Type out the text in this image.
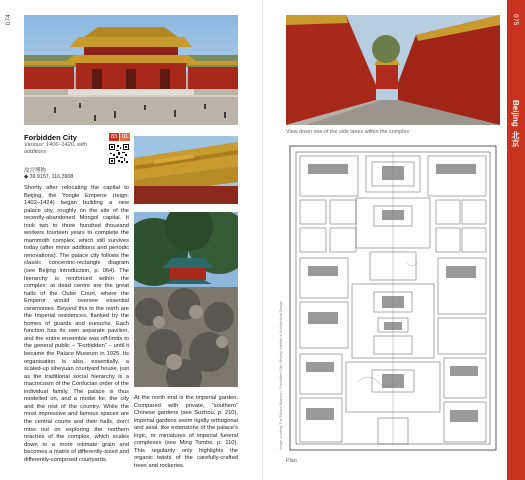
074
Forbidden City	83 01
Various: 1406–1420, with additions
故宫博物
◆ 39.9157, 116.3908
Shortly after relocating the capital to Beijing, the Yongle Emperor (reign: 1402–1424) began building a new palace city, roughly on the site of the recently-abandoned Mongol capital. It took two to three hundred thousand workers fourteen years to complete the mammoth complex, which still survives today (after minor additions and periodic renovations). The palace city follows the classic concentric-rectangle diagram (see Beijing Introduction, p. 064). The hierarchy is reinforced within the complex: at dead centre are the great halls of the Outer Court, where the Emperor would oversee essential ceremonies. Beyond this to the north are the Imperial residences, flanked by the homes of guards and eunuchs. Each function has its own separate pavilion, and the entire ensemble was off-limits to the general public – “Forbidden” – until it became the Palace Museum in 1925. Its organisation is also, essentially, a scaled-up siheyuan courtyard house, just as the traditional social hierarchy is a macrocosm of the Confucian order of the individual family. The palace is thus modelled on, and a model for, the city and the rest of the country. While the most impressive and famous spaces are the central courts and their halls, don’t miss out on exploring the northern reaches of the complex, which scales down to a more intimate grain and becomes a matrix of differently-sized and differently-composed courtyards.
At the north end is the imperial garden. Compared with private, “southern” Chinese gardens (see Suzhou, p. 210), imperial gardens seem rigidly orthogonal and axial, like extensions of the palace’s logic, or miniatures of imperial funeral complexes (see Ming Tombs, p. 110). This regularity only highlights the organic twists of the carefully-crafted trees and rockeries.
View down one of the side lanes within the complex
Image courtesy The Palace Museum / Forbidden City / Beijing Institute of Architectural Design
Plan
075
Beijing
北京
